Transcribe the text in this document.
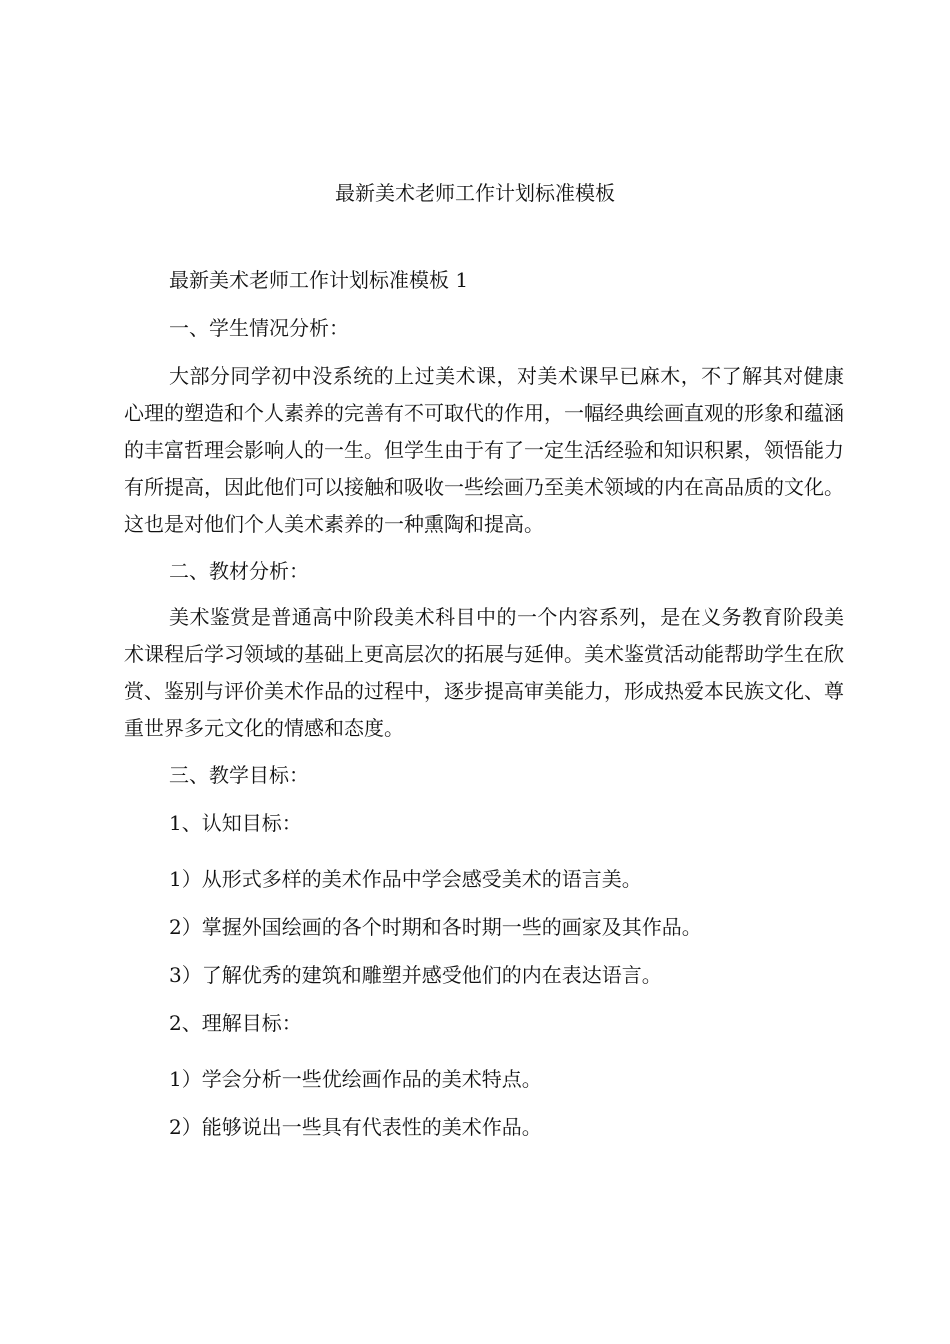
最新美术老师工作计划标准模板

最新美术老师工作计划标准模板 1

一、学生情况分析：

大部分同学初中没系统的上过美术课，对美术课早已麻木，不了解其对健康心理的塑造和个人素养的完善有不可取代的作用，一幅经典绘画直观的形象和蕴涵的丰富哲理会影响人的一生。但学生由于有了一定生活经验和知识积累，领悟能力有所提高，因此他们可以接触和吸收一些绘画乃至美术领域的内在高品质的文化。这也是对他们个人美术素养的一种熏陶和提高。

二、教材分析：

美术鉴赏是普通高中阶段美术科目中的一个内容系列，是在义务教育阶段美术课程后学习领域的基础上更高层次的拓展与延伸。美术鉴赏活动能帮助学生在欣赏、鉴别与评价美术作品的过程中，逐步提高审美能力，形成热爱本民族文化、尊重世界多元文化的情感和态度。

三、教学目标：

1、认知目标：

1）从形式多样的美术作品中学会感受美术的语言美。

2）掌握外国绘画的各个时期和各时期一些的画家及其作品。

3）了解优秀的建筑和雕塑并感受他们的内在表达语言。

2、理解目标：

1）学会分析一些优绘画作品的美术特点。

2）能够说出一些具有代表性的美术作品。
